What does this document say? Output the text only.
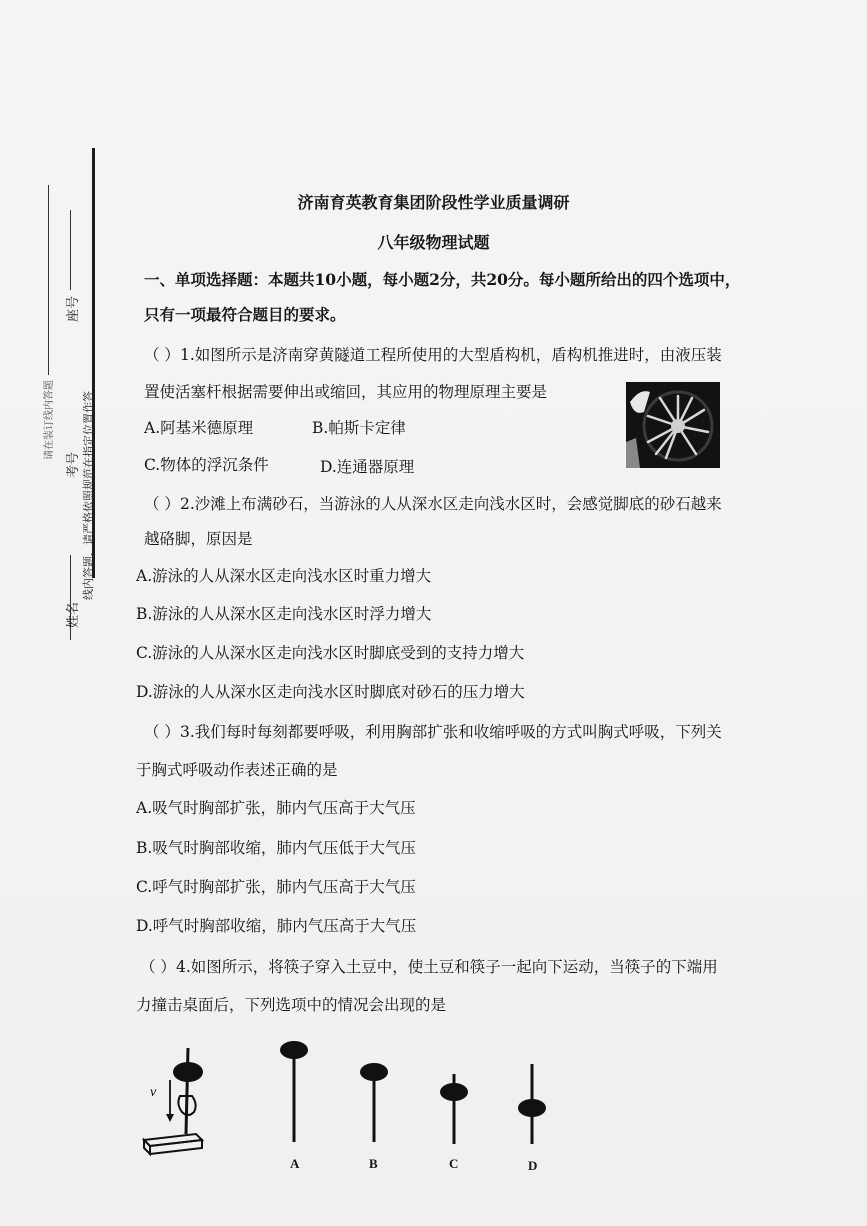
座号
考号
姓名
线内答题，请严格依照规范在指定位置作答
请在装订线内答题
济南育英教育集团阶段性学业质量调研
八年级物理试题
一、单项选择题：本题共10小题，每小题2分，共20分。每小题所给出的四个选项中，
只有一项最符合题目的要求。
（ ）1.如图所示是济南穿黄隧道工程所使用的大型盾构机，盾构机推进时，由液压装
置使活塞杆根据需要伸出或缩回，其应用的物理原理主要是
A.阿基米德原理	B.帕斯卡定律
C.物体的浮沉条件	D.连通器原理
（ ）2.沙滩上布满砂石，当游泳的人从深水区走向浅水区时，会感觉脚底的砂石越来
越硌脚，原因是
A.游泳的人从深水区走向浅水区时重力增大
B.游泳的人从深水区走向浅水区时浮力增大
C.游泳的人从深水区走向浅水区时脚底受到的支持力增大
D.游泳的人从深水区走向浅水区时脚底对砂石的压力增大
（ ）3.我们每时每刻都要呼吸，利用胸部扩张和收缩呼吸的方式叫胸式呼吸，下列关
于胸式呼吸动作表述正确的是
A.吸气时胸部扩张，肺内气压高于大气压
B.吸气时胸部收缩，肺内气压低于大气压
C.呼气时胸部扩张，肺内气压高于大气压
D.呼气时胸部收缩，肺内气压高于大气压
（ ）4.如图所示，将筷子穿入土豆中，使土豆和筷子一起向下运动，当筷子的下端用
力撞击桌面后，下列选项中的情况会出现的是
v
A	B	C	D
